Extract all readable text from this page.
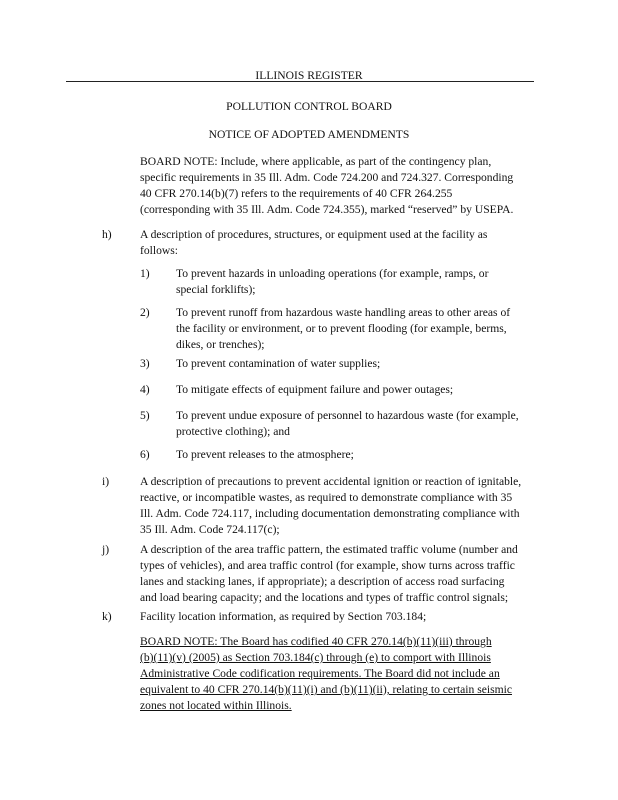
ILLINOIS REGISTER
POLLUTION CONTROL BOARD
NOTICE OF ADOPTED AMENDMENTS
BOARD NOTE: Include, where applicable, as part of the contingency plan,
specific requirements in 35 Ill. Adm. Code 724.200 and 724.327. Corresponding
40 CFR 270.14(b)(7) refers to the requirements of 40 CFR 264.255
(corresponding with 35 Ill. Adm. Code 724.355), marked “reserved” by USEPA.
h) A description of procedures, structures, or equipment used at the facility as
follows:
1) To prevent hazards in unloading operations (for example, ramps, or
special forklifts);
2) To prevent runoff from hazardous waste handling areas to other areas of
the facility or environment, or to prevent flooding (for example, berms,
dikes, or trenches);
3) To prevent contamination of water supplies;
4) To mitigate effects of equipment failure and power outages;
5) To prevent undue exposure of personnel to hazardous waste (for example,
protective clothing); and
6) To prevent releases to the atmosphere;
i)	A description of precautions to prevent accidental ignition or reaction of ignitable,
reactive, or incompatible wastes, as required to demonstrate compliance with 35
Ill. Adm. Code 724.117, including documentation demonstrating compliance with
35 Ill. Adm. Code 724.117(c);
j)	A description of the area traffic pattern, the estimated traffic volume (number and
types of vehicles), and area traffic control (for example, show turns across traffic
lanes and stacking lanes, if appropriate); a description of access road surfacing
and load bearing capacity; and the locations and types of traffic control signals;
k) Facility location information, as required by Section 703.184;
BOARD NOTE: The Board has codified 40 CFR 270.14(b)(11)(iii) through
(b)(11)(v) (2005) as Section 703.184(c) through (e) to comport with Illinois
Administrative Code codification requirements. The Board did not include an
equivalent to 40 CFR 270.14(b)(11)(i) and (b)(11)(ii), relating to certain seismic
zones not located within Illinois.
